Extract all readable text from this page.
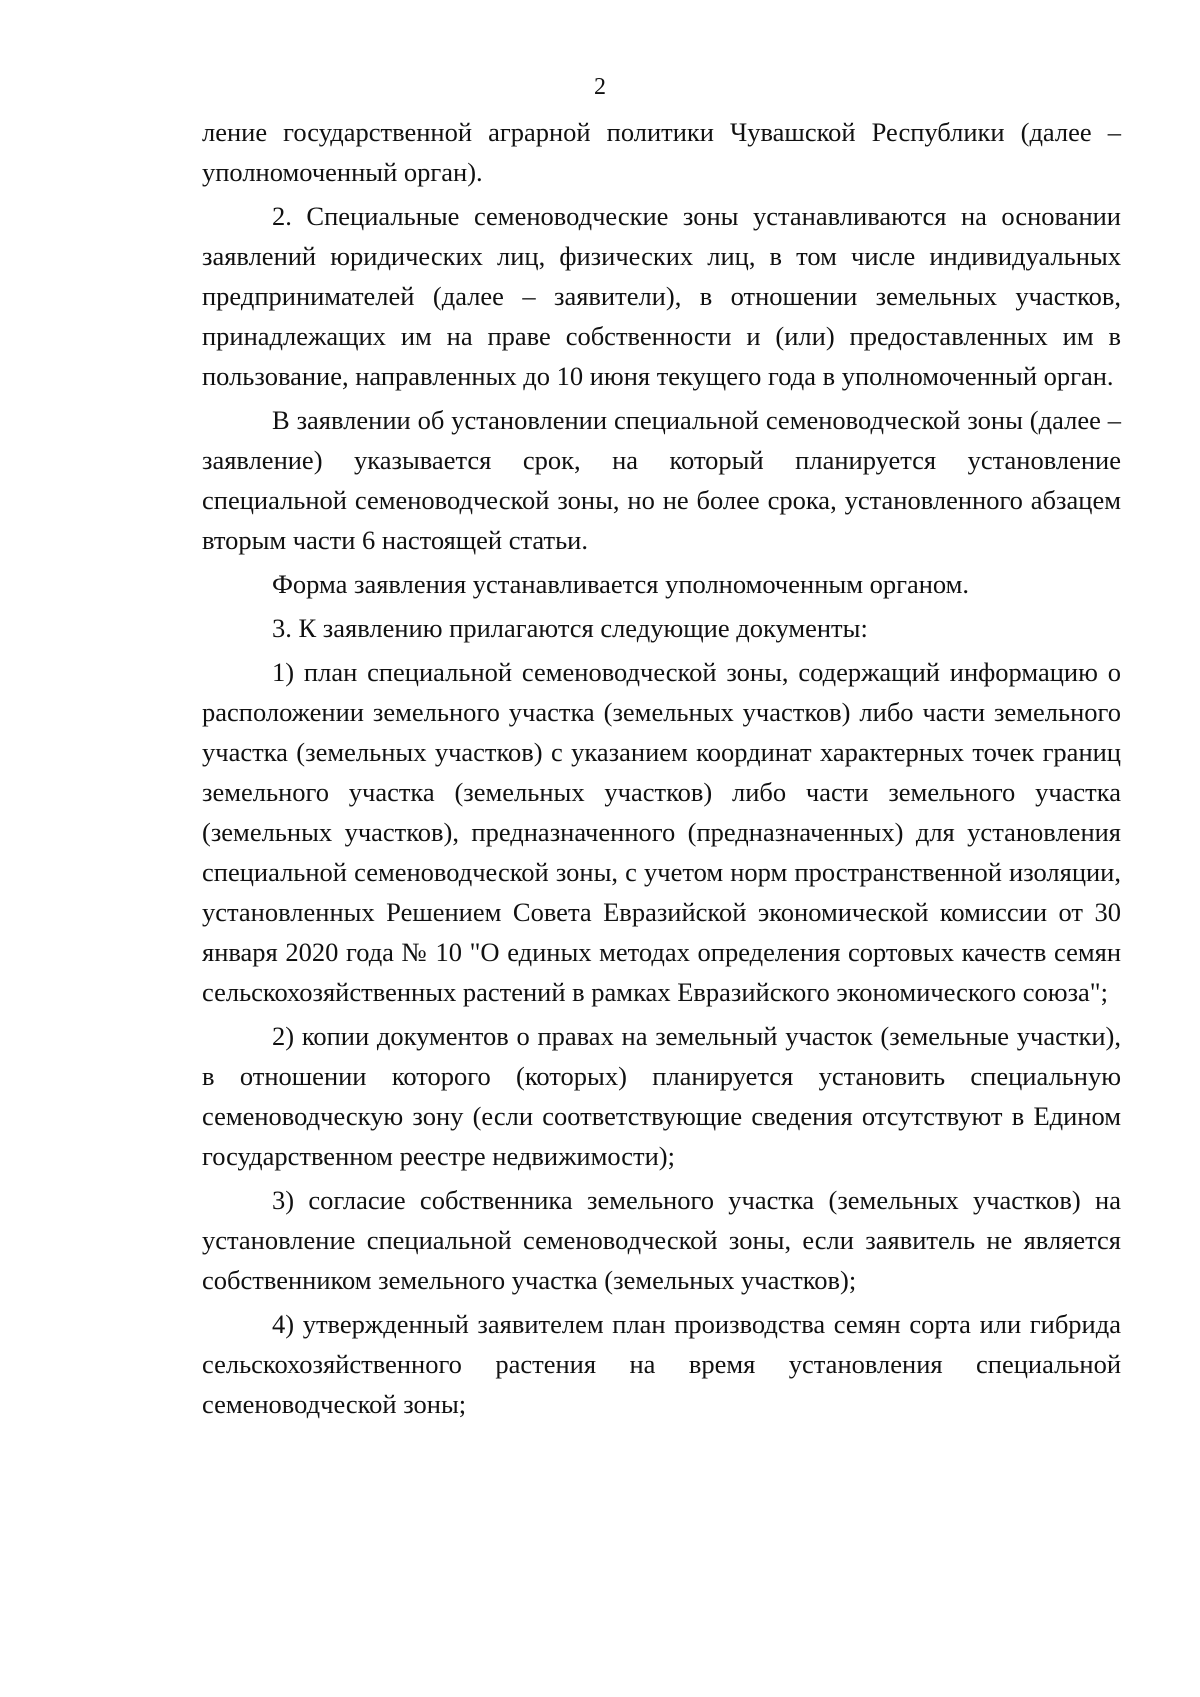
2

ление государственной аграрной политики Чувашской Республики (далее – уполномоченный орган).

2. Специальные семеноводческие зоны устанавливаются на основании заявлений юридических лиц, физических лиц, в том числе индивидуальных предпринимателей (далее – заявители), в отношении земельных участков, принадлежащих им на праве собственности и (или) предоставленных им в пользование, направленных до 10 июня текущего года в уполномоченный орган.

В заявлении об установлении специальной семеноводческой зоны (далее – заявление) указывается срок, на который планируется установление специальной семеноводческой зоны, но не более срока, установленного абзацем вторым части 6 настоящей статьи.

Форма заявления устанавливается уполномоченным органом.

3. К заявлению прилагаются следующие документы:

1) план специальной семеноводческой зоны, содержащий информацию о расположении земельного участка (земельных участков) либо части земельного участка (земельных участков) с указанием координат характерных точек границ земельного участка (земельных участков) либо части земельного участка (земельных участков), предназначенного (предназначенных) для установления специальной семеноводческой зоны, с учетом норм пространственной изоляции, установленных Решением Совета Евразийской экономической комиссии от 30 января 2020 года № 10 "О единых методах определения сортовых качеств семян сельскохозяйственных растений в рамках Евразийского экономического союза";

2) копии документов о правах на земельный участок (земельные участки), в отношении которого (которых) планируется установить специальную семеноводческую зону (если соответствующие сведения отсутствуют в Едином государственном реестре недвижимости);

3) согласие собственника земельного участка (земельных участков) на установление специальной семеноводческой зоны, если заявитель не является собственником земельного участка (земельных участков);

4) утвержденный заявителем план производства семян сорта или гибрида сельскохозяйственного растения на время установления специальной семеноводческой зоны;
